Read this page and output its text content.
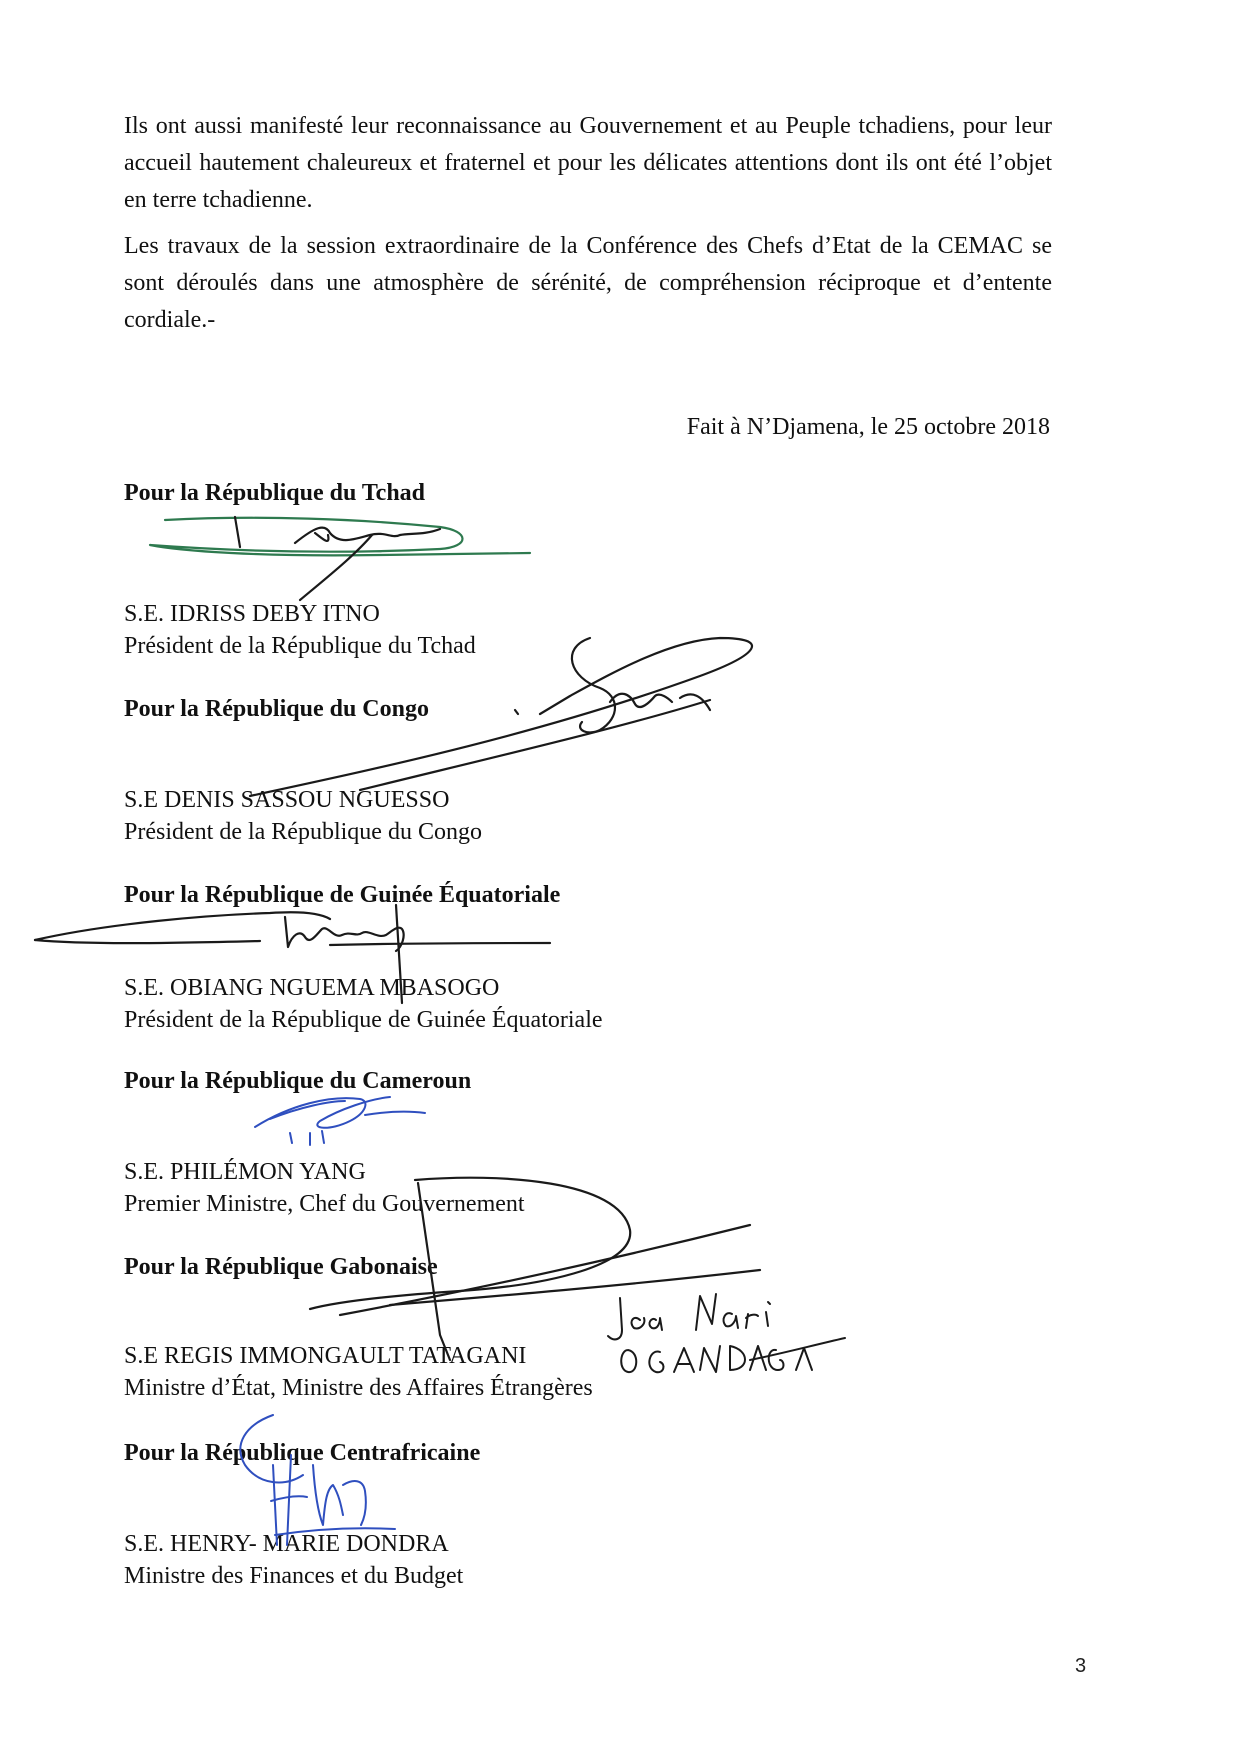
Ils ont aussi manifesté leur reconnaissance au Gouvernement et au Peuple tchadiens, pour leur accueil hautement chaleureux et fraternel et pour les délicates attentions dont ils ont été l’objet en terre tchadienne.

Les travaux de la session extraordinaire de la Conférence des Chefs d’Etat de la CEMAC se sont déroulés dans une atmosphère de sérénité, de compréhension réciproque et d’entente cordiale.-

Fait à N’Djamena, le 25 octobre 2018
Pour la République du Tchad
S.E. IDRISS DEBY ITNO
Président de la République du Tchad
Pour la République du Congo
S.E DENIS SASSOU NGUESSO
Président de la République du Congo
Pour la République de Guinée Équatoriale
S.E. OBIANG NGUEMA MBASOGO
Président de la République de Guinée Équatoriale
Pour la République du Cameroun
S.E. PHILÉMON YANG
Premier Ministre, Chef du Gouvernement
Pour la République Gabonaise
S.E REGIS IMMONGAULT TATAGANI
Ministre d’État, Ministre des Affaires Étrangères
Pour la République Centrafricaine
S.E. HENRY- MARIE DONDRA
Ministre des Finances et du Budget
3
